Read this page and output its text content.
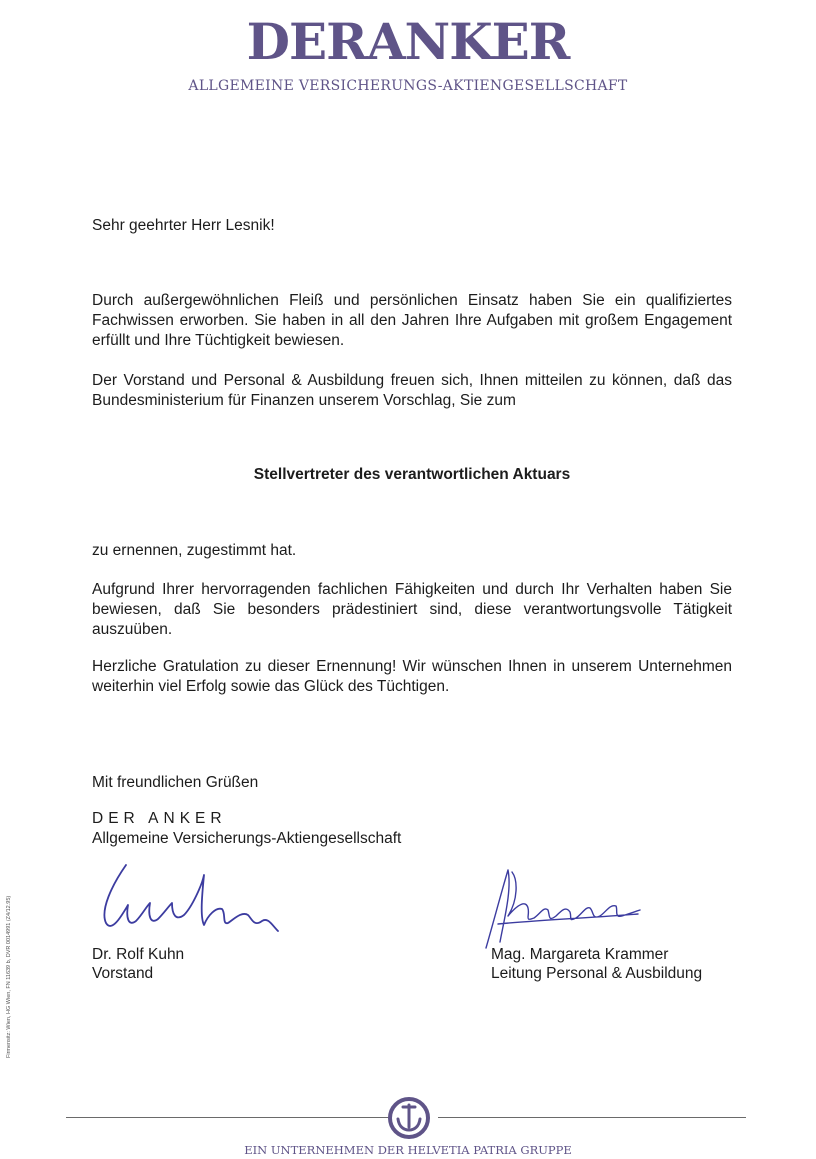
DERANKER
ALLGEMEINE VERSICHERUNGS-AKTIENGESELLSCHAFT
Sehr geehrter Herr Lesnik!
Durch außergewöhnlichen Fleiß und persönlichen Einsatz haben Sie ein qualifiziertes Fachwissen erworben. Sie haben in all den Jahren Ihre Aufgaben mit großem Engagement erfüllt und Ihre Tüchtigkeit bewiesen.
Der Vorstand und Personal & Ausbildung freuen sich, Ihnen mitteilen zu können, daß das Bundesministerium für Finanzen unserem Vorschlag, Sie zum
Stellvertreter des verantwortlichen Aktuars
zu ernennen, zugestimmt hat.
Aufgrund Ihrer hervorragenden fachlichen Fähigkeiten und durch Ihr Verhalten haben Sie bewiesen, daß Sie besonders prädestiniert sind, diese verantwortungsvolle Tätigkeit auszuüben.
Herzliche Gratulation zu dieser Ernennung! Wir wünschen Ihnen in unserem Unternehmen weiterhin viel Erfolg sowie das Glück des Tüchtigen.
Mit freundlichen Grüßen
DER ANKER
Allgemeine Versicherungs-Aktiengesellschaft
Dr. Rolf Kuhn
Vorstand
Mag. Margareta Krammer
Leitung Personal & Ausbildung
Firmensitz: Wien, HG Wien, FN 11639 b, DVR 0014991 (Z4/12.95)
EIN UNTERNEHMEN DER HELVETIA PATRIA GRUPPE
